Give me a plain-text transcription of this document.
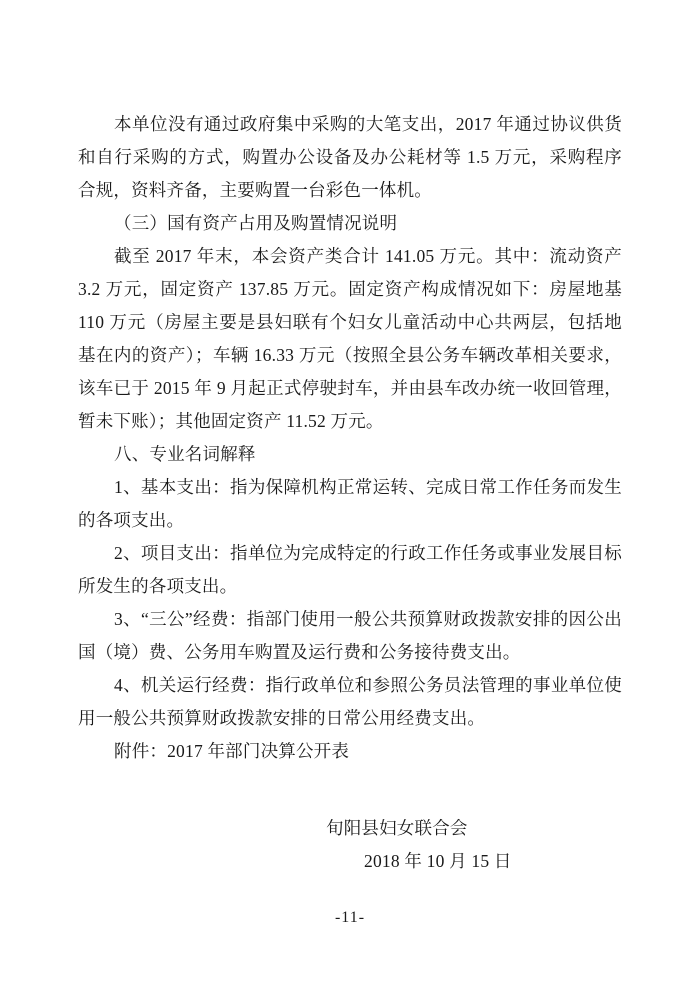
本单位没有通过政府集中采购的大笔支出，2017 年通过协议供货和自行采购的方式，购置办公设备及办公耗材等 1.5 万元，采购程序合规，资料齐备，主要购置一台彩色一体机。

（三）国有资产占用及购置情况说明

截至 2017 年末，本会资产类合计 141.05 万元。其中：流动资产 3.2 万元，固定资产 137.85 万元。固定资产构成情况如下：房屋地基 110 万元（房屋主要是县妇联有个妇女儿童活动中心共两层，包括地基在内的资产）；车辆 16.33 万元（按照全县公务车辆改革相关要求，该车已于 2015 年 9 月起正式停驶封车，并由县车改办统一收回管理，暂未下账）；其他固定资产 11.52 万元。

八、专业名词解释

1、基本支出：指为保障机构正常运转、完成日常工作任务而发生的各项支出。

2、项目支出：指单位为完成特定的行政工作任务或事业发展目标所发生的各项支出。

3、“三公”经费：指部门使用一般公共预算财政拨款安排的因公出国（境）费、公务用车购置及运行费和公务接待费支出。

4、机关运行经费：指行政单位和参照公务员法管理的事业单位使用一般公共预算财政拨款安排的日常公用经费支出。

附件：2017 年部门决算公开表

旬阳县妇女联合会
2018 年 10 月 15 日
-11-
